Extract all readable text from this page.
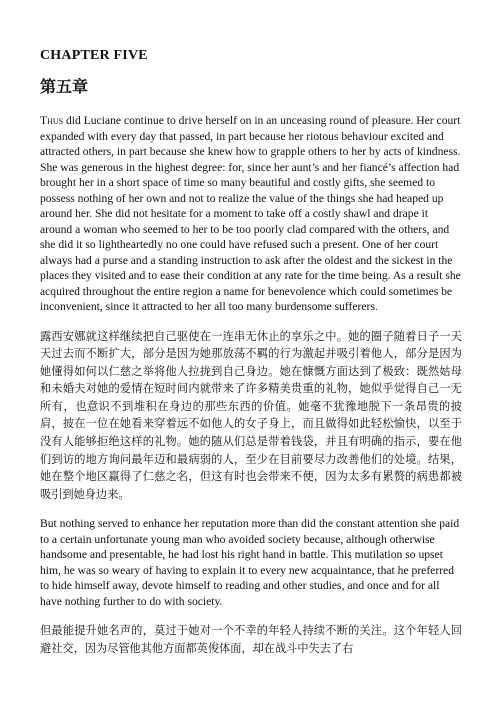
CHAPTER FIVE
第五章

Thus did Luciane continue to drive herself on in an unceasing round of pleasure. Her court expanded with every day that passed, in part because her riotous behaviour excited and attracted others, in part because she knew how to grapple others to her by acts of kindness. She was generous in the highest degree: for, since her aunt’s and her fiancé’s affection had brought her in a short space of time so many beautiful and costly gifts, she seemed to possess nothing of her own and not to realize the value of the things she had heaped up around her. She did not hesitate for a moment to take off a costly shawl and drape it around a woman who seemed to her to be too poorly clad compared with the others, and she did it so lightheartedly no one could have refused such a present. One of her court always had a purse and a standing instruction to ask after the oldest and the sickest in the places they visited and to ease their condition at any rate for the time being. As a result she acquired throughout the entire region a name for benevolence which could sometimes be inconvenient, since it attracted to her all too many burdensome sufferers.

露西安娜就这样继续把自己驱使在一连串无休止的享乐之中。她的圈子随着日子一天天过去而不断扩大，部分是因为她那放荡不羁的行为激起并吸引着他人，部分是因为她懂得如何以仁慈之举将他人拉拢到自己身边。她在慷慨方面达到了极致：既然姑母和未婚夫对她的爱情在短时间内就带来了许多精美贵重的礼物，她似乎觉得自己一无所有，也意识不到堆积在身边的那些东西的价值。她毫不犹豫地脱下一条昂贵的披肩，披在一位在她看来穿着远不如他人的女子身上，而且做得如此轻松愉快，以至于没有人能够拒绝这样的礼物。她的随从们总是带着钱袋，并且有明确的指示，要在他们到访的地方询问最年迈和最病弱的人，至少在目前要尽力改善他们的处境。结果，她在整个地区赢得了仁慈之名，但这有时也会带来不便，因为太多有累赘的病患都被吸引到她身边来。

But nothing served to enhance her reputation more than did the constant attention she paid to a certain unfortunate young man who avoided society because, although otherwise handsome and presentable, he had lost his right hand in battle. This mutilation so upset him, he was so weary of having to explain it to every new acquaintance, that he preferred to hide himself away, devote himself to reading and other studies, and once and for all have nothing further to do with society.

但最能提升她名声的，莫过于她对一个不幸的年轻人持续不断的关注。这个年轻人回避社交，因为尽管他其他方面都英俊体面，却在战斗中失去了右
